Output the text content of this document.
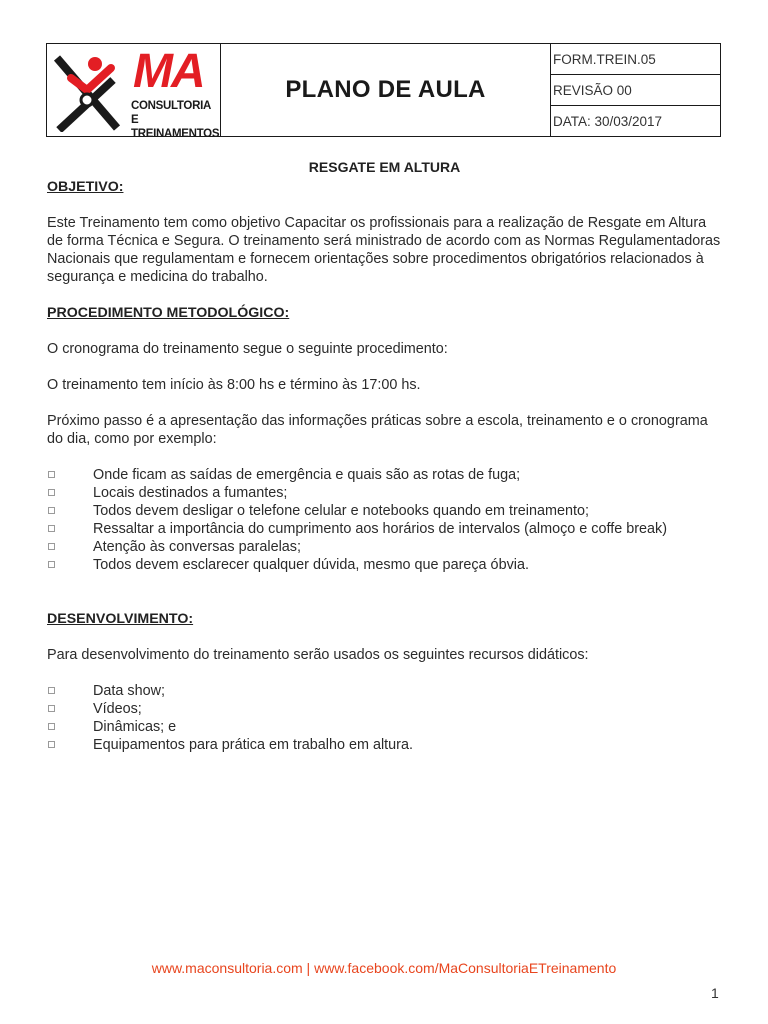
MA
CONSULTORIA E
TREINAMENTOS
PLANO DE AULA
FORM.TREIN.05
REVISÃO 00
DATA: 30/03/2017

RESGATE EM ALTURA

OBJETIVO:

Este Treinamento tem como objetivo Capacitar os profissionais para a realização de Resgate em Altura de forma Técnica e Segura. O treinamento será ministrado de acordo com as Normas Regulamentadoras Nacionais que regulamentam e fornecem orientações sobre procedimentos obrigatórios relacionados à segurança e medicina do trabalho.

PROCEDIMENTO METODOLÓGICO:

O cronograma do treinamento segue o seguinte procedimento:

O treinamento tem início às 8:00 hs e término às 17:00 hs.

Próximo passo é a apresentação das informações práticas sobre a escola, treinamento e o cronograma do dia, como por exemplo:

Onde ficam as saídas de emergência e quais são as rotas de fuga;
Locais destinados a fumantes;
Todos devem desligar o telefone celular e notebooks quando em treinamento;
Ressaltar a importância do cumprimento aos horários de intervalos (almoço e coffe break)
Atenção às conversas paralelas;
Todos devem esclarecer qualquer dúvida, mesmo que pareça óbvia.

DESENVOLVIMENTO:

Para desenvolvimento do treinamento serão usados os seguintes recursos didáticos:

Data show;
Vídeos;
Dinâmicas; e
Equipamentos para prática em trabalho em altura.
www.maconsultoria.com | www.facebook.com/MaConsultoriaETreinamento
1
